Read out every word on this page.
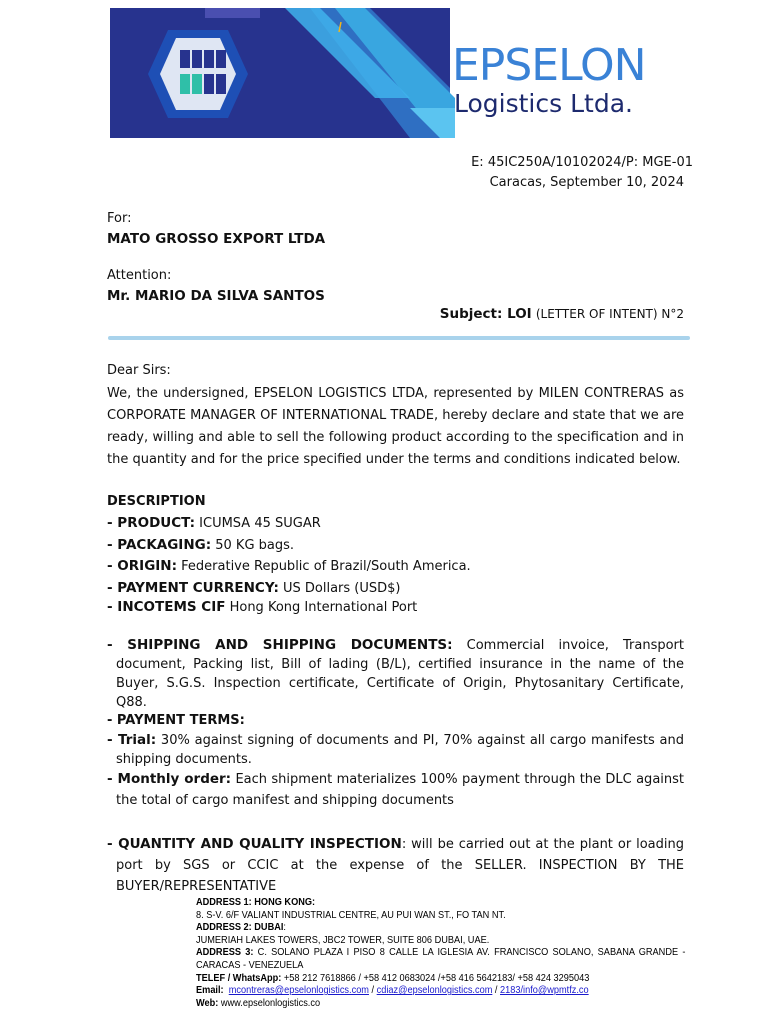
EPSELON
Logistics Ltda.
E: 45IC250A/10102024/P: MGE-01
Caracas, September 10, 2024
For:
MATO GROSSO EXPORT LTDA
Attention:
Mr. MARIO DA SILVA SANTOS
Subject: LOI (LETTER OF INTENT) N°2
Dear Sirs:
We, the undersigned, EPSELON LOGISTICS LTDA, represented by MILEN CONTRERAS as CORPORATE MANAGER OF INTERNATIONAL TRADE, hereby declare and state that we are ready, willing and able to sell the following product according to the specification and in the quantity and for the price specified under the terms and conditions indicated below.
DESCRIPTION
- PRODUCT: ICUMSA 45 SUGAR
- PACKAGING: 50 KG bags.
- ORIGIN: Federative Republic of Brazil/South America.
- PAYMENT CURRENCY: US Dollars (USD$)
- INCOTEMS CIF Hong Kong International Port
- SHIPPING AND SHIPPING DOCUMENTS: Commercial invoice, Transport document, Packing list, Bill of lading (B/L), certified insurance in the name of the Buyer, S.G.S. Inspection certificate, Certificate of Origin, Phytosanitary Certificate, Q88.
- PAYMENT TERMS:
- Trial: 30% against signing of documents and PI, 70% against all cargo manifests and shipping documents.
- Monthly order: Each shipment materializes 100% payment through the DLC against the total of cargo manifest and shipping documents
- QUANTITY AND QUALITY INSPECTION: will be carried out at the plant or loading port by SGS or CCIC at the expense of the SELLER. INSPECTION BY THE BUYER/REPRESENTATIVE
ADDRESS 1: HONG KONG:
8. S-V. 6/F VALIANT INDUSTRIAL CENTRE, AU PUI WAN ST., FO TAN NT.
ADDRESS 2: DUBAI:
JUMERIAH LAKES TOWERS, JBC2 TOWER, SUITE 806 DUBAI, UAE.
ADDRESS 3: C. SOLANO PLAZA I PISO 8 CALLE LA IGLESIA AV. FRANCISCO SOLANO, SABANA GRANDE - CARACAS - VENEZUELA
TELEF / WhatsApp: +58 212 7618866 / +58 412 0683024 /+58 416 5642183/ +58 424 3295043
Email: mcontreras@epselonlogistics.com / cdiaz@epselonlogistics.com / 2183/info@wpmtfz.co
Web: www.epselonlogistics.co
